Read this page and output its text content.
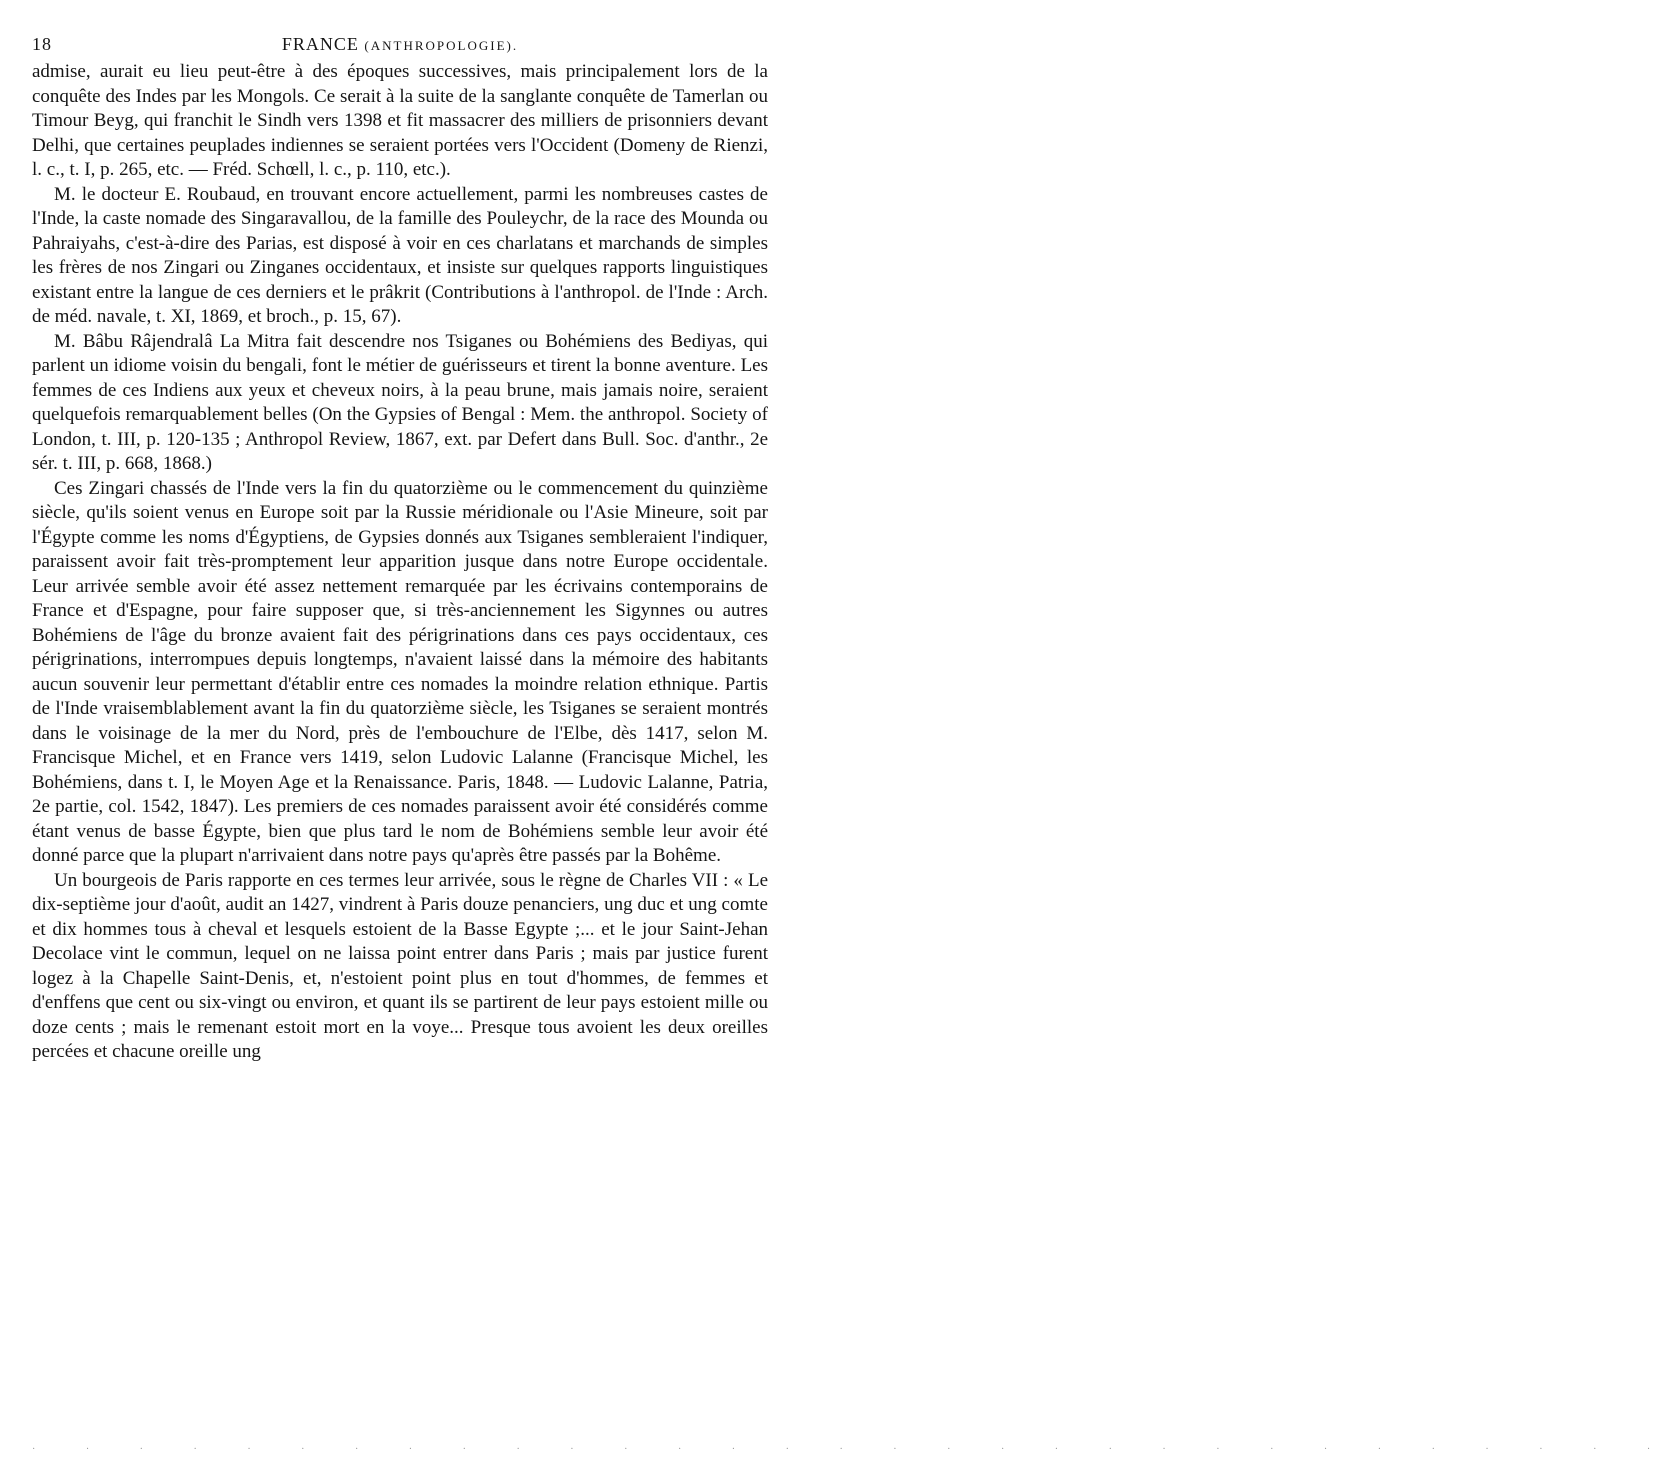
18	FRANCE (ANTHROPOLOGIE).

admise, aurait eu lieu peut-être à des époques successives, mais principalement lors de la conquête des Indes par les Mongols. Ce serait à la suite de la sanglante conquête de Tamerlan ou Timour Beyg, qui franchit le Sindh vers 1398 et fit massacrer des milliers de prisonniers devant Delhi, que certaines peuplades indiennes se seraient portées vers l'Occident (Domeny de Rienzi, l. c., t. I, p. 265, etc. — Fréd. Schœll, l. c., p. 110, etc.).

M. le docteur E. Roubaud, en trouvant encore actuellement, parmi les nombreuses castes de l'Inde, la caste nomade des Singaravallou, de la famille des Pouleychr, de la race des Mounda ou Pahraiyahs, c'est-à-dire des Parias, est disposé à voir en ces charlatans et marchands de simples les frères de nos Zingari ou Zinganes occidentaux, et insiste sur quelques rapports linguistiques existant entre la langue de ces derniers et le prâkrit (Contributions à l'anthropol. de l'Inde : Arch. de méd. navale, t. XI, 1869, et broch., p. 15, 67).

M. Bâbu Râjendralâ La Mitra fait descendre nos Tsiganes ou Bohémiens des Bediyas, qui parlent un idiome voisin du bengali, font le métier de guérisseurs et tirent la bonne aventure. Les femmes de ces Indiens aux yeux et cheveux noirs, à la peau brune, mais jamais noire, seraient quelquefois remarquablement belles (On the Gypsies of Bengal : Mem. the anthropol. Society of London, t. III, p. 120-135 ; Anthropol Review, 1867, ext. par Defert dans Bull. Soc. d'anthr., 2e sér. t. III, p. 668, 1868.)

Ces Zingari chassés de l'Inde vers la fin du quatorzième ou le commencement du quinzième siècle, qu'ils soient venus en Europe soit par la Russie méridionale ou l'Asie Mineure, soit par l'Égypte comme les noms d'Égyptiens, de Gypsies donnés aux Tsiganes sembleraient l'indiquer, paraissent avoir fait très-promptement leur apparition jusque dans notre Europe occidentale. Leur arrivée semble avoir été assez nettement remarquée par les écrivains contemporains de France et d'Espagne, pour faire supposer que, si très-anciennement les Sigynnes ou autres Bohémiens de l'âge du bronze avaient fait des périgrinations dans ces pays occidentaux, ces périgrinations, interrompues depuis longtemps, n'avaient laissé dans la mémoire des habitants aucun souvenir leur permettant d'établir entre ces nomades la moindre relation ethnique. Partis de l'Inde vraisemblablement avant la fin du quatorzième siècle, les Tsiganes se seraient montrés dans le voisinage de la mer du Nord, près de l'embouchure de l'Elbe, dès 1417, selon M. Francisque Michel, et en France vers 1419, selon Ludovic Lalanne (Francisque Michel, les Bohémiens, dans t. I, le Moyen Age et la Renaissance. Paris, 1848. — Ludovic Lalanne, Patria, 2e partie, col. 1542, 1847). Les premiers de ces nomades paraissent avoir été considérés comme étant venus de basse Égypte, bien que plus tard le nom de Bohémiens semble leur avoir été donné parce que la plupart n'arrivaient dans notre pays qu'après être passés par la Bohême.

Un bourgeois de Paris rapporte en ces termes leur arrivée, sous le règne de Charles VII : « Le dix-septième jour d'août, audit an 1427, vindrent à Paris douze penanciers, ung duc et ung comte et dix hommes tous à cheval et lesquels estoient de la Basse Egypte ;... et le jour Saint-Jehan Decolace vint le commun, lequel on ne laissa point entrer dans Paris ; mais par justice furent logez à la Chapelle Saint-Denis, et, n'estoient point plus en tout d'hommes, de femmes et d'enffens que cent ou six-vingt ou environ, et quant ils se partirent de leur pays estoient mille ou doze cents ; mais le remenant estoit mort en la voye... Presque tous avoient les deux oreilles percées et chacune oreille ung

· · · · · · · · · · · · · · · · · · · · · · · · · · · · · · ·
